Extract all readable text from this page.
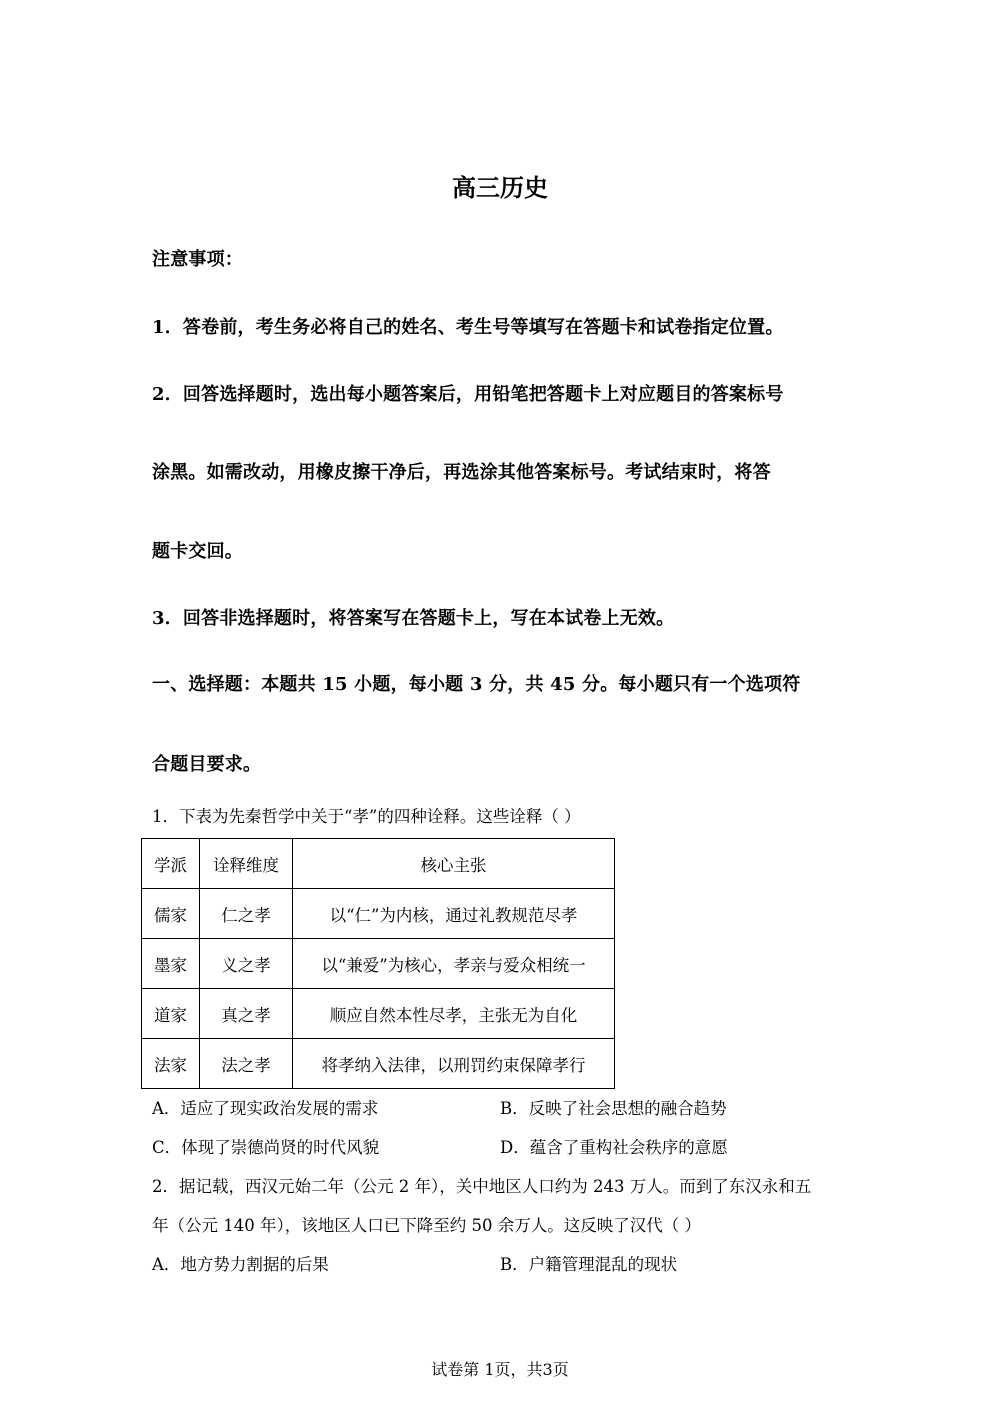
高三历史
注意事项：
1．答卷前，考生务必将自己的姓名、考生号等填写在答题卡和试卷指定位置。
2．回答选择题时，选出每小题答案后，用铅笔把答题卡上对应题目的答案标号
涂黑。如需改动，用橡皮擦干净后，再选涂其他答案标号。考试结束时，将答
题卡交回。
3．回答非选择题时，将答案写在答题卡上，写在本试卷上无效。
一、选择题：本题共 15 小题，每小题 3 分，共 45 分。每小题只有一个选项符
合题目要求。
1．下表为先秦哲学中关于“孝”的四种诠释。这些诠释（ ）
学派	诠释维度	核心主张
儒家	仁之孝	以“仁”为内核，通过礼教规范尽孝
墨家	义之孝	以“兼爱”为核心，孝亲与爱众相统一
道家	真之孝	顺应自然本性尽孝，主张无为自化
法家	法之孝	将孝纳入法律，以刑罚约束保障孝行
A．适应了现实政治发展的需求	B．反映了社会思想的融合趋势
C．体现了崇德尚贤的时代风貌	D．蕴含了重构社会秩序的意愿
2．据记载，西汉元始二年（公元 2 年），关中地区人口约为 243 万人。而到了东汉永和五
年（公元 140 年），该地区人口已下降至约 50 余万人。这反映了汉代（ ）
A．地方势力割据的后果	B．户籍管理混乱的现状
试卷第 1页，共3页
